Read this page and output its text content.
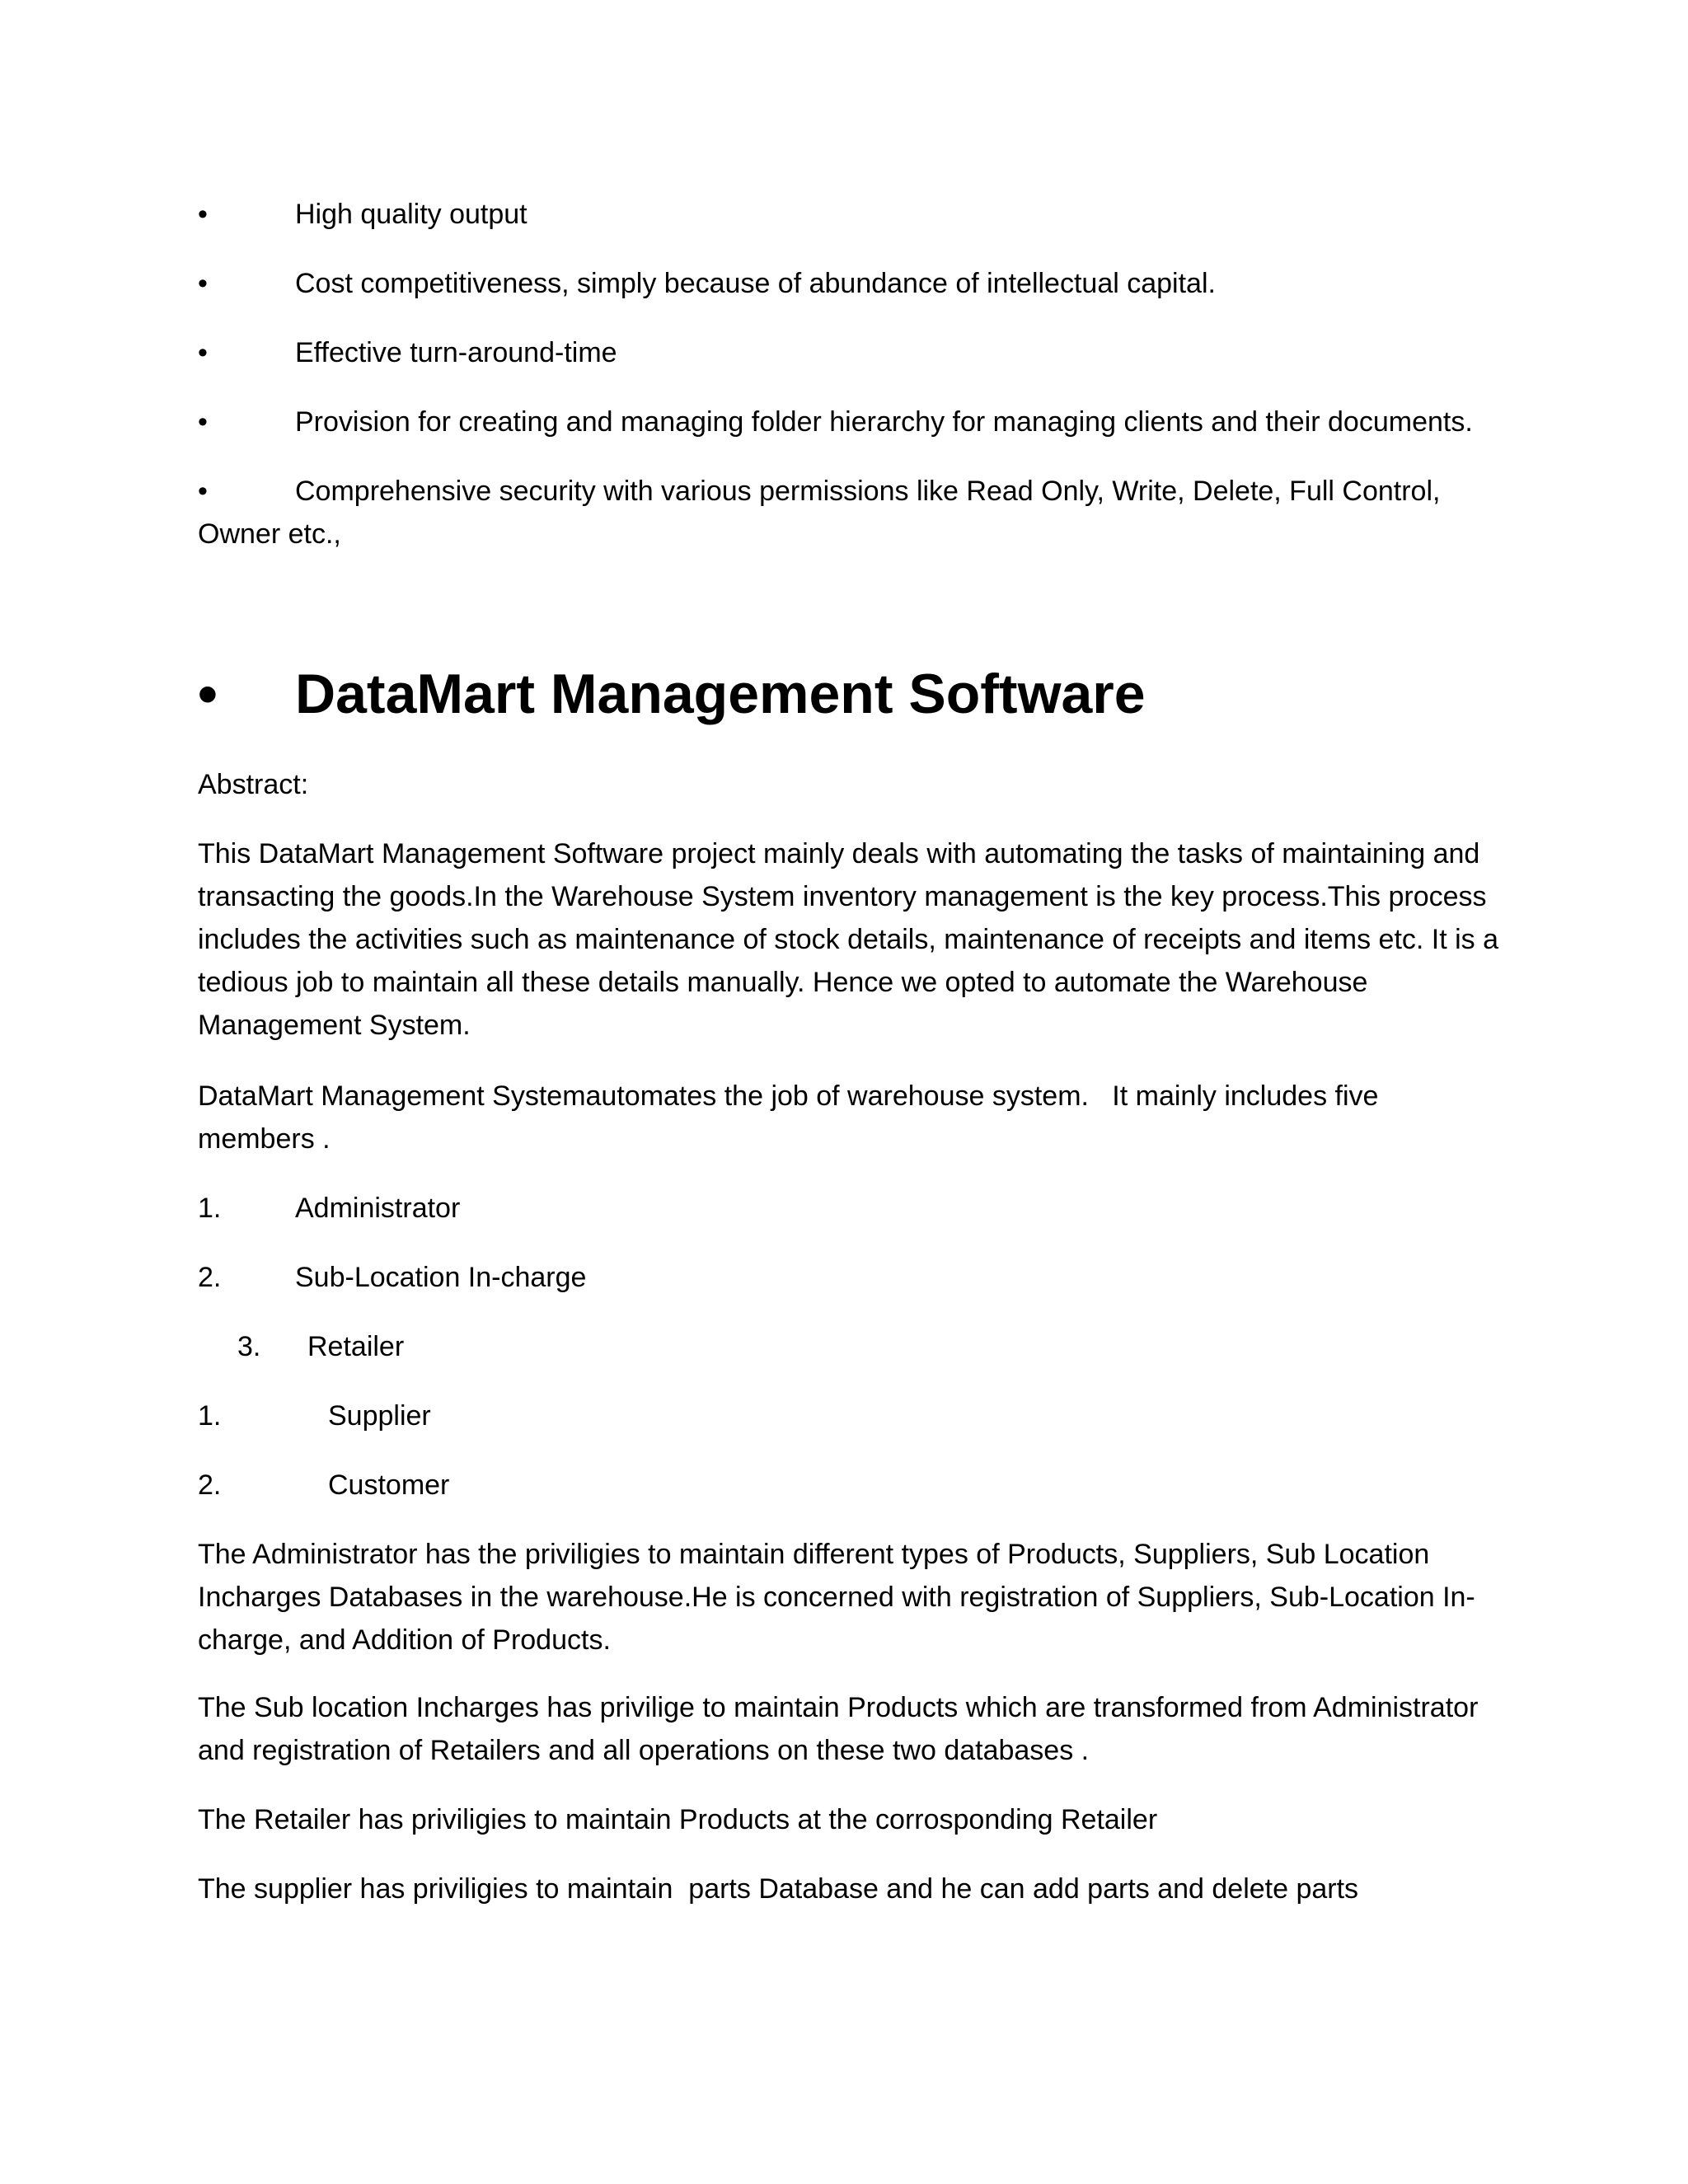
•	High quality output
•	Cost competitiveness, simply because of abundance of intellectual capital.
•	Effective turn-around-time
•	Provision for creating and managing folder hierarchy for managing clients and their documents.
•	Comprehensive security with various permissions like Read Only, Write, Delete, Full Control,
Owner etc.,
• DataMart Management Software
Abstract:
This DataMart Management Software project mainly deals with automating the tasks of maintaining and
transacting the goods.In the Warehouse System inventory management is the key process.This process
includes the activities such as maintenance of stock details, maintenance of receipts and items etc. It is a
tedious job to maintain all these details manually. Hence we opted to automate the Warehouse
Management System.
DataMart Management Systemautomates the job of warehouse system.   It mainly includes five
members .
1.	Administrator
2.	Sub-Location In-charge
3. Retailer
1.	Supplier
2.	Customer
The Administrator has the priviligies to maintain different types of Products, Suppliers, Sub Location
Incharges Databases in the warehouse.He is concerned with registration of Suppliers, Sub-Location In-
charge, and Addition of Products.
The Sub location Incharges has privilige to maintain Products which are transformed from Administrator
and registration of Retailers and all operations on these two databases .
The Retailer has priviligies to maintain Products at the corrosponding Retailer
The supplier has priviligies to maintain  parts Database and he can add parts and delete parts
